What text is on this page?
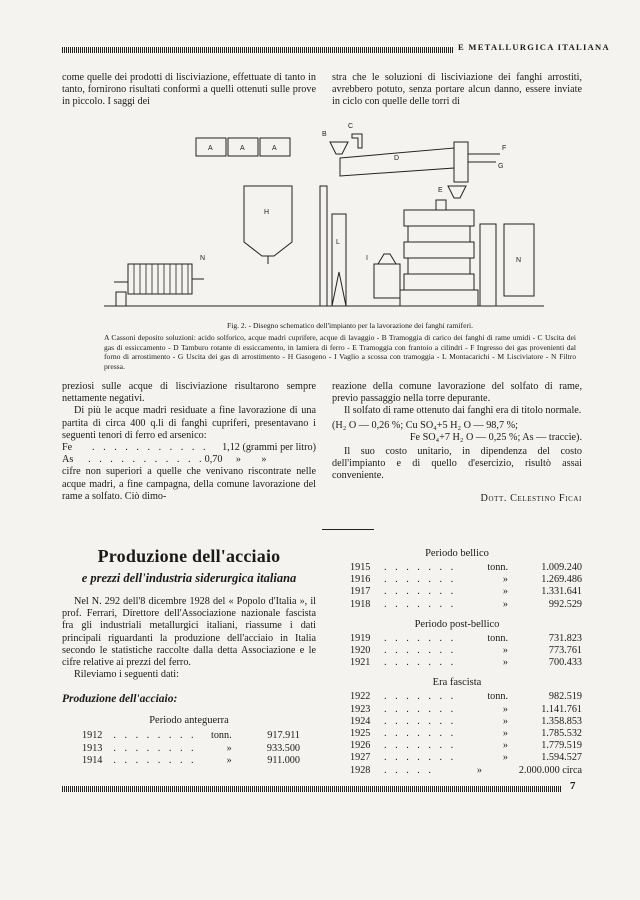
E METALLURGICA ITALIANA

come quelle dei prodotti di lisciviazione, effettuate di tanto in tanto, fornirono risultati conformi a quelli ottenuti sulle prove in piccolo. I saggi dei

stra che le soluzioni di lisciviazione dei fanghi arrostiti, avrebbero potuto, senza portare alcun danno, essere inviate in ciclo con quelle delle torri di

A	A	A
H
L
N
B
C
D
E
F
G
I	N
Fig. 2. - Disegno schematico dell'impianto per la lavorazione dei fanghi ramiferi.
A Cassoni deposito soluzioni: acido solforico, acque madri cuprifere, acque di lavaggio - B Tramoggia di carico dei fanghi di rame umidi - C Uscita dei gas di essiccamento - D Tamburo rotante di essiccamento, in lamiera di ferro - E Tramoggia con frantoio a cilindri - F Ingresso dei gas provenienti dal forno di arrostimento - G Uscita dei gas di arrostimento - H Gasogeno - I Vaglio a scossa con tramoggia - L Montacarichi - M Lisciviatore - N Filtro pressa.

preziosi sulle acque di lisciviazione risultarono sempre nettamente negativi.

Di più le acque madri residuate a fine lavorazione di una partita di circa 400 q.li di fanghi cupriferi, presentavano i seguenti tenori di ferro ed arsenico:

Fe	. . . . . . . . . . .	1,12 (grammi per litro)
As	. . . . . . . . . . . 0,70	»        »

cifre non superiori a quelle che venivano riscontrate nelle acque madri, a fine campagna, della comune lavorazione del rame a solfato. Ciò dimo-

reazione della comune lavorazione del solfato di rame, previo passaggio nella torre depurante.

Il solfato di rame ottenuto dai fanghi era di titolo normale.

(H₂ O — 0,26 %; Cu SO₄+5 H₂ O — 98,7 %;

Fe SO₄+7 H₂ O — 0,25 %; As — traccie).

Il suo costo unitario, in dipendenza del costo dell'impianto e di quello d'esercizio, risultò assai conveniente.

Dott. Celestino Ficai

Produzione dell'acciaio
e prezzi dell'industria siderurgica italiana

Nel N. 292 dell'8 dicembre 1928 del « Popolo d'Italia », il prof. Ferrari, Direttore dell'Associazione nazionale fascista fra gli industriali metallurgici italiani, riassume i dati principali riguardanti la produzione dell'acciaio in Italia secondo le statistiche raccolte dalla detta Associazione e le cifre relative ai prezzi del ferro.

Rileviamo i seguenti dati:

Produzione dell'acciaio:
Periodo anteguerra
1912	. . . . . . . .	tonn.	917.911
1913	. . . . . . . .	»	933.500
1914	. . . . . . . .	»	911.000
Periodo bellico
1915	. . . . . . .	tonn.	1.009.240
1916	. . . . . . .	»	1.269.486
1917	. . . . . . .	»	1.331.641
1918	. . . . . . .	»	992.529
Periodo post-bellico
1919	. . . . . . .	tonn.	731.823
1920	. . . . . . .	»	773.761
1921	. . . . . . .	»	700.433
Era fascista
1922	. . . . . . .	tonn.	982.519
1923	. . . . . . .	»	1.141.761
1924	. . . . . . .	»	1.358.853
1925	. . . . . . .	»	1.785.532
1926	. . . . . . .	»	1.779.519
1927	. . . . . . .	»	1.594.527
1928	. . . . .	»	2.000.000 circa
7
